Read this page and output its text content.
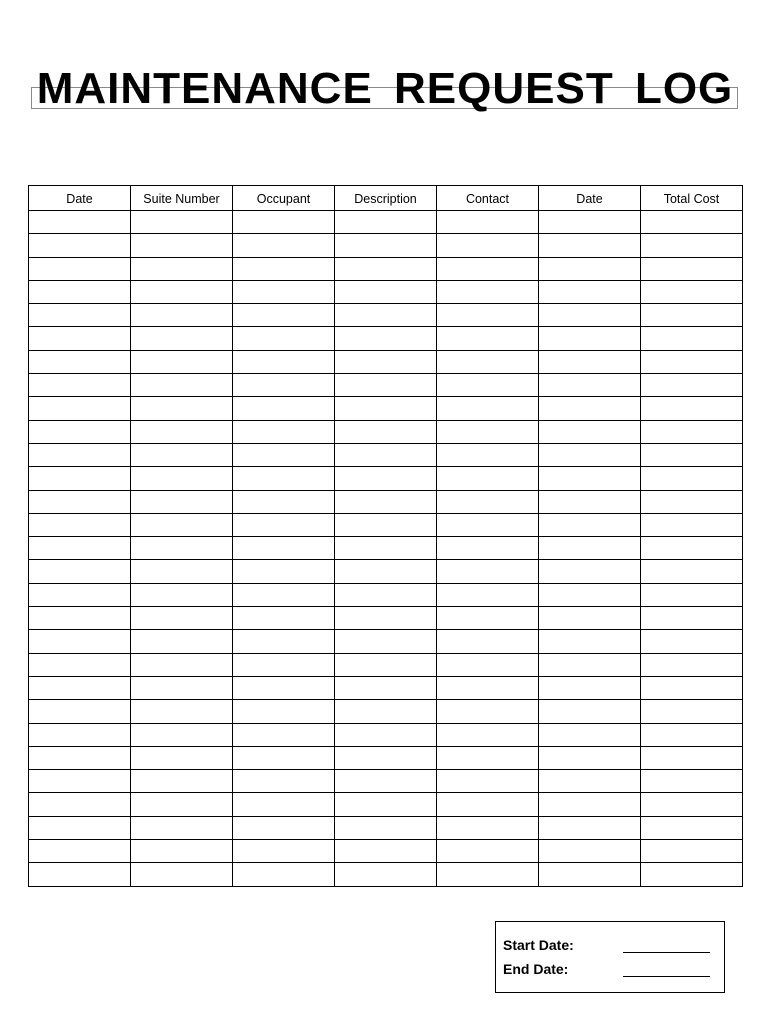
MAINTENANCE REQUEST LOG
Date	Suite Number	Occupant	Description	Contact	Date	Total Cost

Start Date:
End Date:
